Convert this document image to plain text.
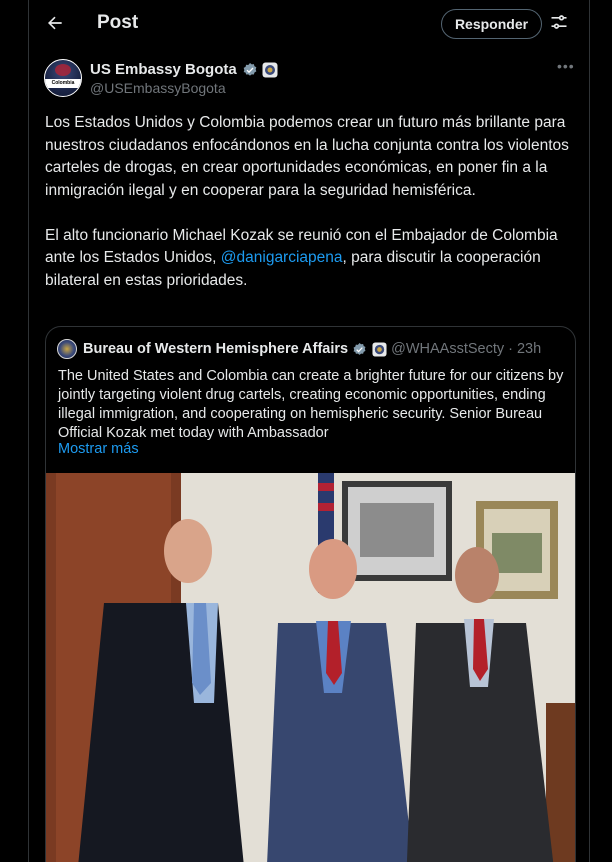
Post	Responder
Colombia
US Embassy Bogota
@USEmbassyBogota
•••

Los Estados Unidos y Colombia podemos crear un futuro más brillante para nuestros ciudadanos enfocándonos en la lucha conjunta contra los violentos carteles de drogas, en crear oportunidades económicas, en poner fin a la inmigración ilegal y en cooperar para la seguridad hemisférica.

El alto funcionario Michael Kozak se reunió con el Embajador de Colombia ante los Estados Unidos, @danigarciapena, para discutir la cooperación bilateral en estas prioridades.

Bureau of Western Hemisphere Affairs	@WHAAsstSecty · 23h
The United States and Colombia can create a brighter future for our citizens by jointly targeting violent drug cartels, creating economic opportunities, ending illegal immigration, and cooperating on hemispheric security. Senior Bureau Official Kozak met today with Ambassador
Mostrar más
